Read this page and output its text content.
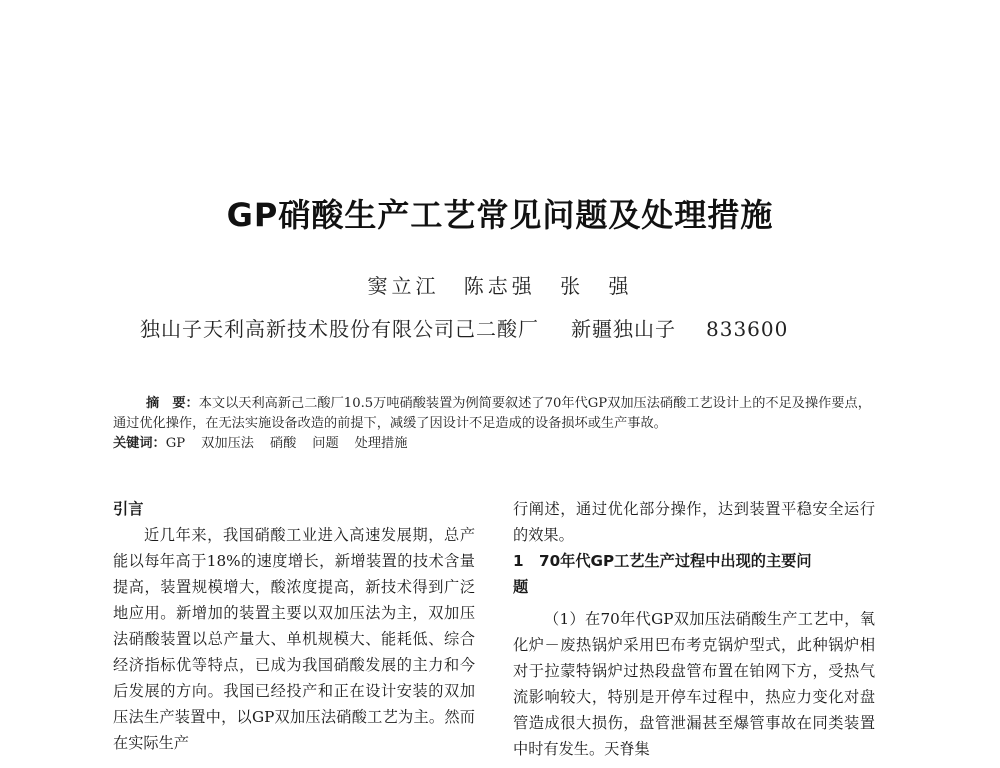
GP硝酸生产工艺常见问题及处理措施
窦立江 陈志强 张 强
独山子天利高新技术股份有限公司己二酸厂 新疆独山子 833600

摘　要：本文以天利高新己二酸厂10.5万吨硝酸装置为例简要叙述了70年代GP双加压法硝酸工艺设计上的不足及操作要点，通过优化操作，在无法实施设备改造的前提下，减缓了因设计不足造成的设备损坏或生产事故。

关键词：GP 双加压法 硝酸 问题 处理措施

引言

近几年来，我国硝酸工业进入高速发展期，总产能以每年高于18%的速度增长，新增装置的技术含量提高，装置规模增大，酸浓度提高，新技术得到广泛地应用。新增加的装置主要以双加压法为主，双加压法硝酸装置以总产量大、单机规模大、能耗低、综合经济指标优等特点，已成为我国硝酸发展的主力和今后发展的方向。我国已经投产和正在设计安装的双加压法生产装置中，以GP双加压法硝酸工艺为主。然而在实际生产

行阐述，通过优化部分操作，达到装置平稳安全运行的效果。

1	70年代GP工艺生产过程中出现的主要问
题

（1）在70年代GP双加压法硝酸生产工艺中，氧化炉－废热锅炉采用巴布考克锅炉型式，此种锅炉相对于拉蒙特锅炉过热段盘管布置在铂网下方，受热气流影响较大，特别是开停车过程中，热应力变化对盘管造成很大损伤，盘管泄漏甚至爆管事故在同类装置中时有发生。天脊集
